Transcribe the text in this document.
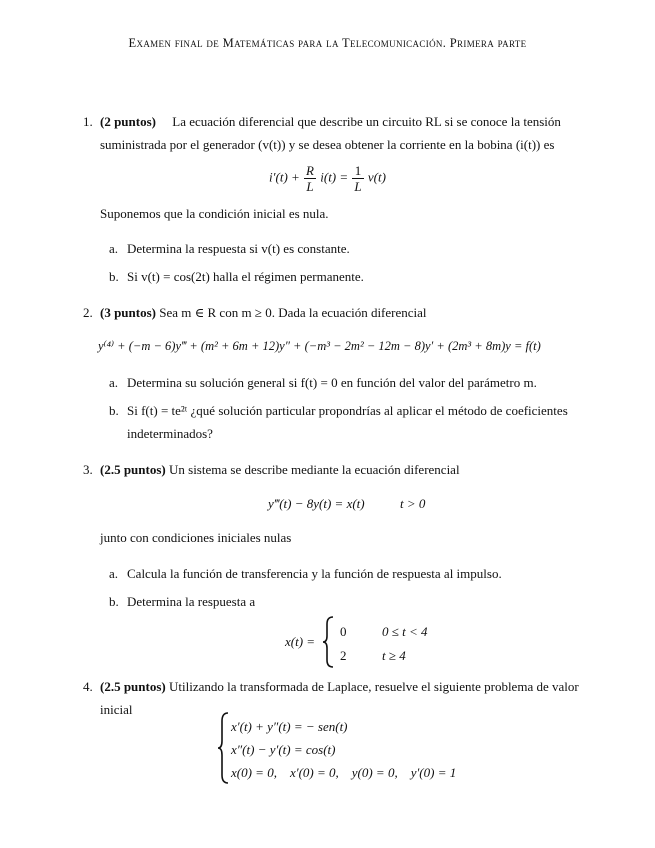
Examen final de Matemáticas para la Telecomunicación. Primera parte
1. (2 puntos) La ecuación diferencial que describe un circuito RL si se conoce la tensión
suministrada por el generador (v(t)) y se desea obtener la corriente en la bobina (i(t)) es
$i'(t) + \frac{R}{L} i(t) = \frac{1}{L} v(t)$
Suponemos que la condición inicial es nula.
a. Determina la respuesta si v(t) es constante.
b. Si v(t) = cos(2t) halla el régimen permanente.
2. (3 puntos) Sea m ∈ R con m ≥ 0. Dada la ecuación diferencial
y⁽⁴⁾ + (−m − 6)y‴ + (m² + 6m + 12)y″ + (−m³ − 2m² − 12m − 8)y′ + (2m³ + 8m)y = f(t)
a. Determina su solución general si f(t) = 0 en función del valor del parámetro m.
b. Si f(t) = te²ᵗ ¿qué solución particular propondrías al aplicar el método de coeficientes
indeterminados?
3. (2.5 puntos) Un sistema se describe mediante la ecuación diferencial
y‴(t) − 8y(t) = x(t)	t > 0
junto con condiciones iniciales nulas
a. Calcula la función de transferencia y la función de respuesta al impulso.
b. Determina la respuesta a
x(t) =
0	0 ≤ t < 4
2	t ≥ 4
4. (2.5 puntos) Utilizando la transformada de Laplace, resuelve el siguiente problema de valor
inicial
x′(t) + y″(t) = − sen(t)
x″(t) − y′(t) = cos(t)
x(0) = 0,    x′(0) = 0,    y(0) = 0,    y′(0) = 1
